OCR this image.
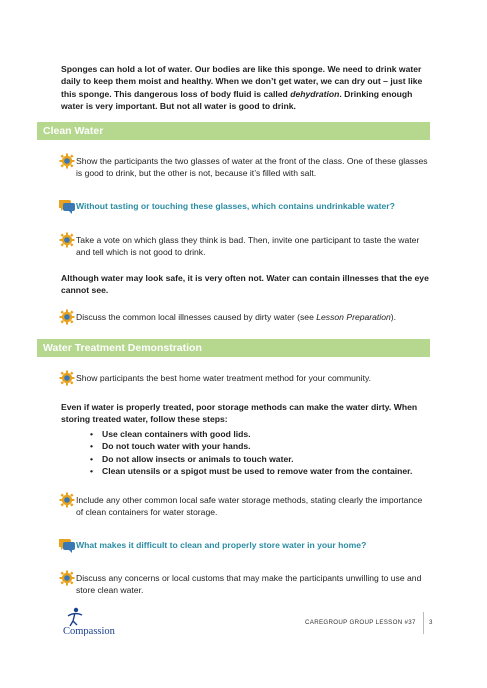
Sponges can hold a lot of water. Our bodies are like this sponge. We need to drink water daily to keep them moist and healthy. When we don’t get water, we can dry out – just like this sponge. This dangerous loss of body fluid is called dehydration. Drinking enough water is very important. But not all water is good to drink.
Clean Water
Show the participants the two glasses of water at the front of the class. One of these glasses is good to drink, but the other is not, because it’s filled with salt.
Without tasting or touching these glasses, which contains undrinkable water?
Take a vote on which glass they think is bad. Then, invite one participant to taste the water and tell which is not good to drink.
Although water may look safe, it is very often not. Water can contain illnesses that the eye cannot see.
Discuss the common local illnesses caused by dirty water (see Lesson Preparation).
Water Treatment Demonstration
Show participants the best home water treatment method for your community.
Even if water is properly treated, poor storage methods can make the water dirty. When storing treated water, follow these steps:
• Use clean containers with good lids.
• Do not touch water with your hands.
• Do not allow insects or animals to touch water.
• Clean utensils or a spigot must be used to remove water from the container.
Include any other common local safe water storage methods, stating clearly the importance of clean containers for water storage.
What makes it difficult to clean and properly store water in your home?
Discuss any concerns or local customs that may make the participants unwilling to use and store clean water.
Compassion
CAREGROUP GROUP LESSON #37 3
